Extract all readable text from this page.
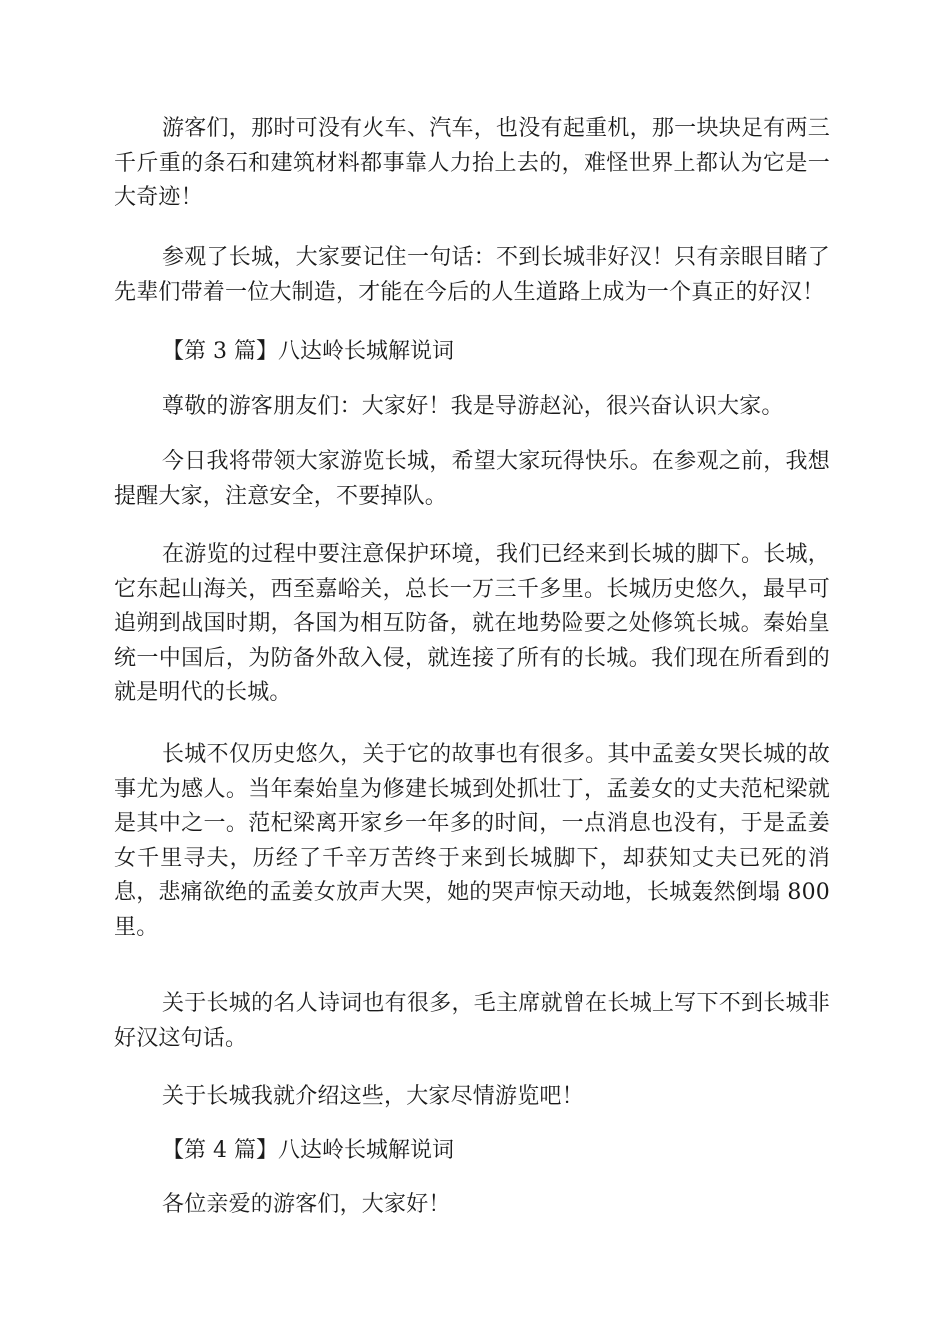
游客们，那时可没有火车、汽车，也没有起重机，那一块块足有两三千斤重的条石和建筑材料都事靠人力抬上去的，难怪世界上都认为它是一大奇迹！

参观了长城，大家要记住一句话：不到长城非好汉！只有亲眼目睹了先辈们带着一位大制造，才能在今后的人生道路上成为一个真正的好汉！

【第 3 篇】八达岭长城解说词

尊敬的游客朋友们：大家好！我是导游赵沁，很兴奋认识大家。

今日我将带领大家游览长城，希望大家玩得快乐。在参观之前，我想提醒大家，注意安全，不要掉队。

在游览的过程中要注意保护环境，我们已经来到长城的脚下。长城，它东起山海关，西至嘉峪关，总长一万三千多里。长城历史悠久，最早可追朔到战国时期，各国为相互防备，就在地势险要之处修筑长城。秦始皇统一中国后，为防备外敌入侵，就连接了所有的长城。我们现在所看到的就是明代的长城。

长城不仅历史悠久，关于它的故事也有很多。其中孟姜女哭长城的故事尤为感人。当年秦始皇为修建长城到处抓壮丁，孟姜女的丈夫范杞梁就是其中之一。范杞梁离开家乡一年多的时间，一点消息也没有，于是孟姜女千里寻夫，历经了千辛万苦终于来到长城脚下，却获知丈夫已死的消息，悲痛欲绝的孟姜女放声大哭，她的哭声惊天动地，长城轰然倒塌 800 里。

关于长城的名人诗词也有很多，毛主席就曾在长城上写下不到长城非好汉这句话。

关于长城我就介绍这些，大家尽情游览吧！

【第 4 篇】八达岭长城解说词

各位亲爱的游客们，大家好！
